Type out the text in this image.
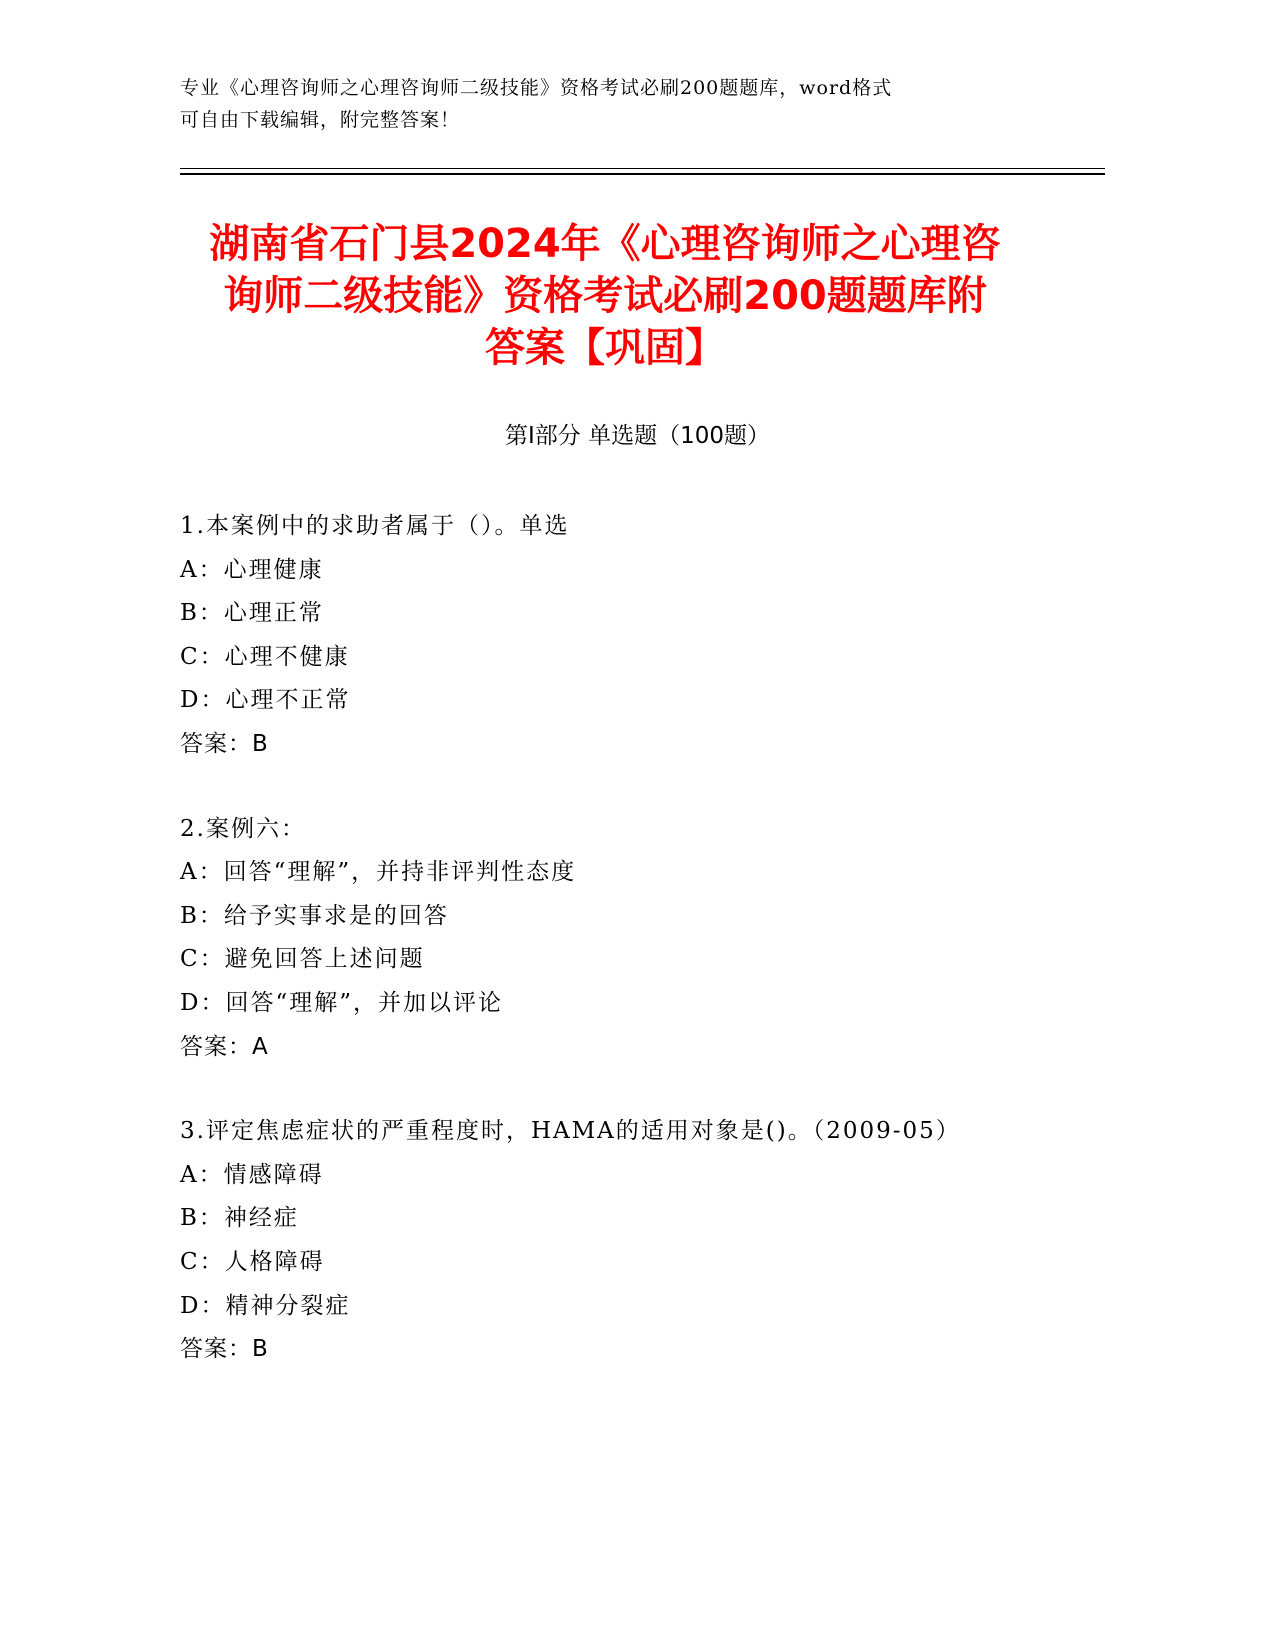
专业《心理咨询师之心理咨询师二级技能》资格考试必刷200题题库，word格式
可自由下载编辑，附完整答案！
湖南省石门县2024年《心理咨询师之心理咨
询师二级技能》资格考试必刷200题题库附
答案【巩固】
第Ⅰ部分 单选题（100题）
1.本案例中的求助者属于（）。单选
A：心理健康
B：心理正常
C：心理不健康
D：心理不正常
答案：B
2.案例六：
A：回答“理解”，并持非评判性态度
B：给予实事求是的回答
C：避免回答上述问题
D：回答“理解”，并加以评论
答案：A
3.评定焦虑症状的严重程度时，HAMA的适用对象是()。（2009-05）
A：情感障碍
B：神经症
C：人格障碍
D：精神分裂症
答案：B
